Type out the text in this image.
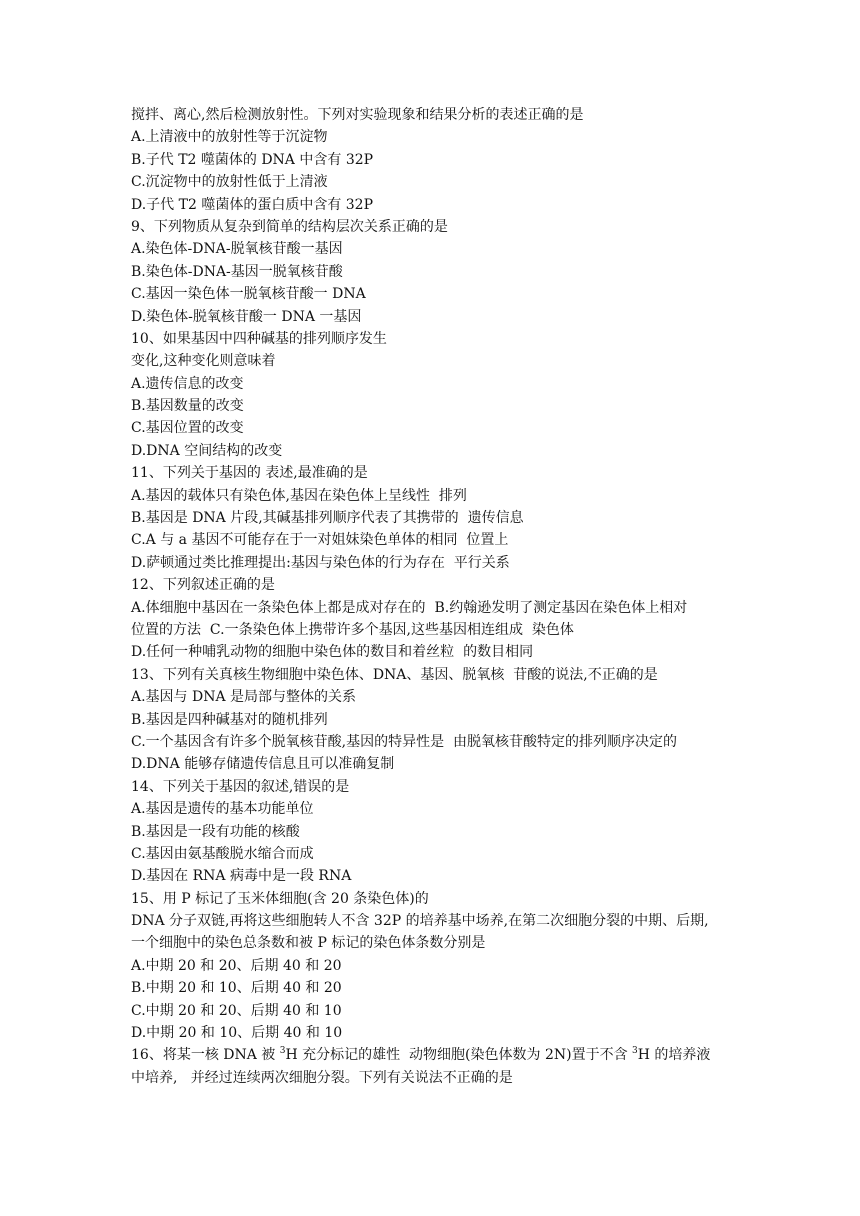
搅拌、离心,然后检测放射性。下列对实验现象和结果分析的表述正确的是
A.上清液中的放射性等于沉淀物
B.子代 T2 噬菌体的 DNA 中含有 32P
C.沉淀物中的放射性低于上清液
D.子代 T2 噬菌体的蛋白质中含有 32P
9、下列物质从复杂到简单的结构层次关系正确的是
A.染色体-DNA-脱氧核苷酸一基因
B.染色体-DNA-基因一脱氧核苷酸
C.基因一染色体一脱氧核苷酸一 DNA
D.染色体-脱氧核苷酸一 DNA 一基因
10、如果基因中四种碱基的排列顺序发生
变化,这种变化则意味着
A.遗传信息的改变
B.基因数量的改变
C.基因位置的改变
D.DNA 空间结构的改变
11、下列关于基因的 表述,最准确的是
A.基因的载体只有染色体,基因在染色体上呈线性  排列
B.基因是 DNA 片段,其碱基排列顺序代表了其携带的  遗传信息
C.A 与 a 基因不可能存在于一对姐妹染色单体的相同  位置上
D.萨顿通过类比推理提出:基因与染色体的行为存在  平行关系
12、下列叙述正确的是
A.体细胞中基因在一条染色体上都是成对存在的  B.约翰逊发明了测定基因在染色体上相对
位置的方法  C.一条染色体上携带许多个基因,这些基因相连组成  染色体
D.任何一种哺乳动物的细胞中染色体的数目和着丝粒  的数目相同
13、下列有关真核生物细胞中染色体、DNA、基因、脱氧核  苷酸的说法,不正确的是
A.基因与 DNA 是局部与整体的关系
B.基因是四种碱基对的随机排列
C.一个基因含有许多个脱氧核苷酸,基因的特异性是  由脱氧核苷酸特定的排列顺序决定的
D.DNA 能够存储遗传信息且可以准确复制
14、下列关于基因的叙述,错误的是
A.基因是遗传的基本功能单位
B.基因是一段有功能的核酸
C.基因由氨基酸脱水缩合而成
D.基因在 RNA 病毒中是一段 RNA
15、用 P 标记了玉米体细胞(含 20 条染色体)的
DNA 分子双链,再将这些细胞转人不含 32P 的培养基中场养,在第二次细胞分裂的中期、后期,
一个细胞中的染色总条数和被 P 标记的染色体条数分别是
A.中期 20 和 20、后期 40 和 20
B.中期 20 和 10、后期 40 和 20
C.中期 20 和 20、后期 40 和 10
D.中期 20 和 10、后期 40 和 10
16、将某一核 DNA 被 $^3$H 充分标记的雄性  动物细胞(染色体数为 2N)置于不含 $^3$H 的培养液
中培养,   并经过连续两次细胞分裂。下列有关说法不正确的是
